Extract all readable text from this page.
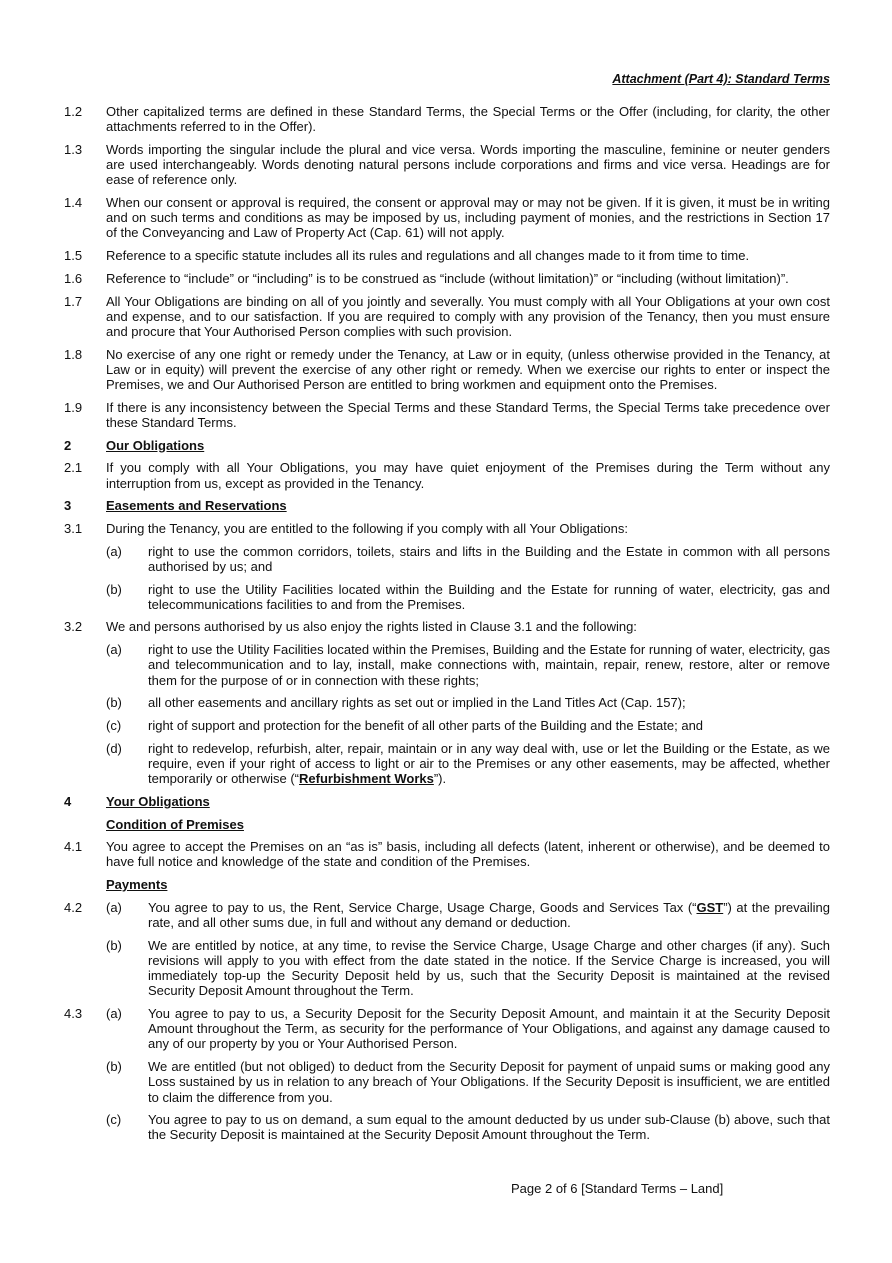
Attachment (Part 4): Standard Terms
1.2	Other capitalized terms are defined in these Standard Terms, the Special Terms or the Offer (including, for clarity, the other attachments referred to in the Offer).
1.3	Words importing the singular include the plural and vice versa. Words importing the masculine, feminine or neuter genders are used interchangeably. Words denoting natural persons include corporations and firms and vice versa. Headings are for ease of reference only.
1.4	When our consent or approval is required, the consent or approval may or may not be given. If it is given, it must be in writing and on such terms and conditions as may be imposed by us, including payment of monies, and the restrictions in Section 17 of the Conveyancing and Law of Property Act (Cap. 61) will not apply.
1.5	Reference to a specific statute includes all its rules and regulations and all changes made to it from time to time.
1.6	Reference to “include” or “including” is to be construed as “include (without limitation)” or “including (without limitation)”.
1.7	All Your Obligations are binding on all of you jointly and severally. You must comply with all Your Obligations at your own cost and expense, and to our satisfaction. If you are required to comply with any provision of the Tenancy, then you must ensure and procure that Your Authorised Person complies with such provision.
1.8	No exercise of any one right or remedy under the Tenancy, at Law or in equity, (unless otherwise provided in the Tenancy, at Law or in equity) will prevent the exercise of any other right or remedy. When we exercise our rights to enter or inspect the Premises, we and Our Authorised Person are entitled to bring workmen and equipment onto the Premises.
1.9	If there is any inconsistency between the Special Terms and these Standard Terms, the Special Terms take precedence over these Standard Terms.
2	Our Obligations
2.1	If you comply with all Your Obligations, you may have quiet enjoyment of the Premises during the Term without any interruption from us, except as provided in the Tenancy.
3	Easements and Reservations
3.1	During the Tenancy, you are entitled to the following if you comply with all Your Obligations:
(a)	right to use the common corridors, toilets, stairs and lifts in the Building and the Estate in common with all persons authorised by us; and
(b)	right to use the Utility Facilities located within the Building and the Estate for running of water, electricity, gas and telecommunications facilities to and from the Premises.
3.2	We and persons authorised by us also enjoy the rights listed in Clause 3.1 and the following:
(a)	right to use the Utility Facilities located within the Premises, Building and the Estate for running of water, electricity, gas and telecommunication and to lay, install, make connections with, maintain, repair, renew, restore, alter or remove them for the purpose of or in connection with these rights;
(b)	all other easements and ancillary rights as set out or implied in the Land Titles Act (Cap. 157);
(c)	right of support and protection for the benefit of all other parts of the Building and the Estate; and
(d)	right to redevelop, refurbish, alter, repair, maintain or in any way deal with, use or let the Building or the Estate, as we require, even if your right of access to light or air to the Premises or any other easements, may be affected, whether temporarily or otherwise (“Refurbishment Works”).
4	Your Obligations
Condition of Premises
4.1	You agree to accept the Premises on an “as is” basis, including all defects (latent, inherent or otherwise), and be deemed to have full notice and knowledge of the state and condition of the Premises.
Payments
4.2	(a)	You agree to pay to us, the Rent, Service Charge, Usage Charge, Goods and Services Tax (“GST”) at the prevailing rate, and all other sums due, in full and without any demand or deduction.
(b)	We are entitled by notice, at any time, to revise the Service Charge, Usage Charge and other charges (if any). Such revisions will apply to you with effect from the date stated in the notice. If the Service Charge is increased, you will immediately top-up the Security Deposit held by us, such that the Security Deposit is maintained at the revised Security Deposit Amount throughout the Term.
4.3	(a)	You agree to pay to us, a Security Deposit for the Security Deposit Amount, and maintain it at the Security Deposit Amount throughout the Term, as security for the performance of Your Obligations, and against any damage caused to any of our property by you or Your Authorised Person.
(b)	We are entitled (but not obliged) to deduct from the Security Deposit for payment of unpaid sums or making good any Loss sustained by us in relation to any breach of Your Obligations. If the Security Deposit is insufficient, we are entitled to claim the difference from you.
(c)	You agree to pay to us on demand, a sum equal to the amount deducted by us under sub-Clause (b) above, such that the Security Deposit is maintained at the Security Deposit Amount throughout the Term.
Page 2 of 6 [Standard Terms – Land]
